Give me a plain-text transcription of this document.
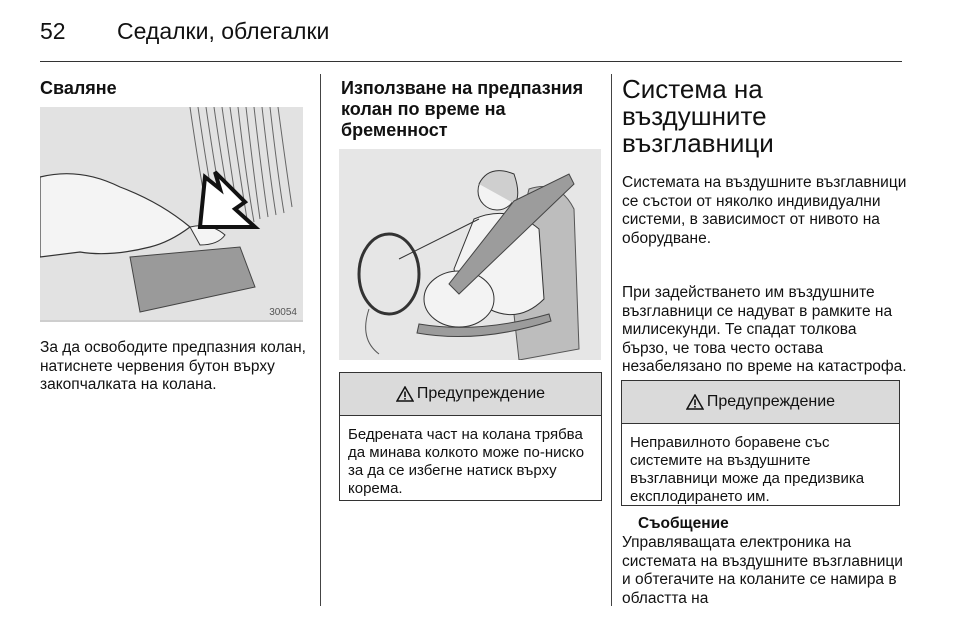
52 Седалки, облегалки
Сваляне
30054
За да освободите предпазния колан, натиснете червения бутон върху закопчалката на колана.
Използване на предпазния колан по време на бременност
Предупреждение
Бедрената част на колана трябва да минава колкото може по-ниско за да се избегне натиск върху корема.
Система на въздушните възглавници
Системата на въздушните възглавници се състои от няколко индивидуални системи, в зависимост от нивото на оборудване.
При задействането им въздушните възглавници се надуват в рамките на милисекунди. Те спадат толкова бързо, че това често остава незабелязано по време на катастрофа.
Предупреждение
Неправилното боравене със системите на въздушните възглавници може да предизвика експлодирането им.
Съобщение
Управляващата електроника на системата на въздушните възглавници и обтегачите на коланите се намира в областта на
